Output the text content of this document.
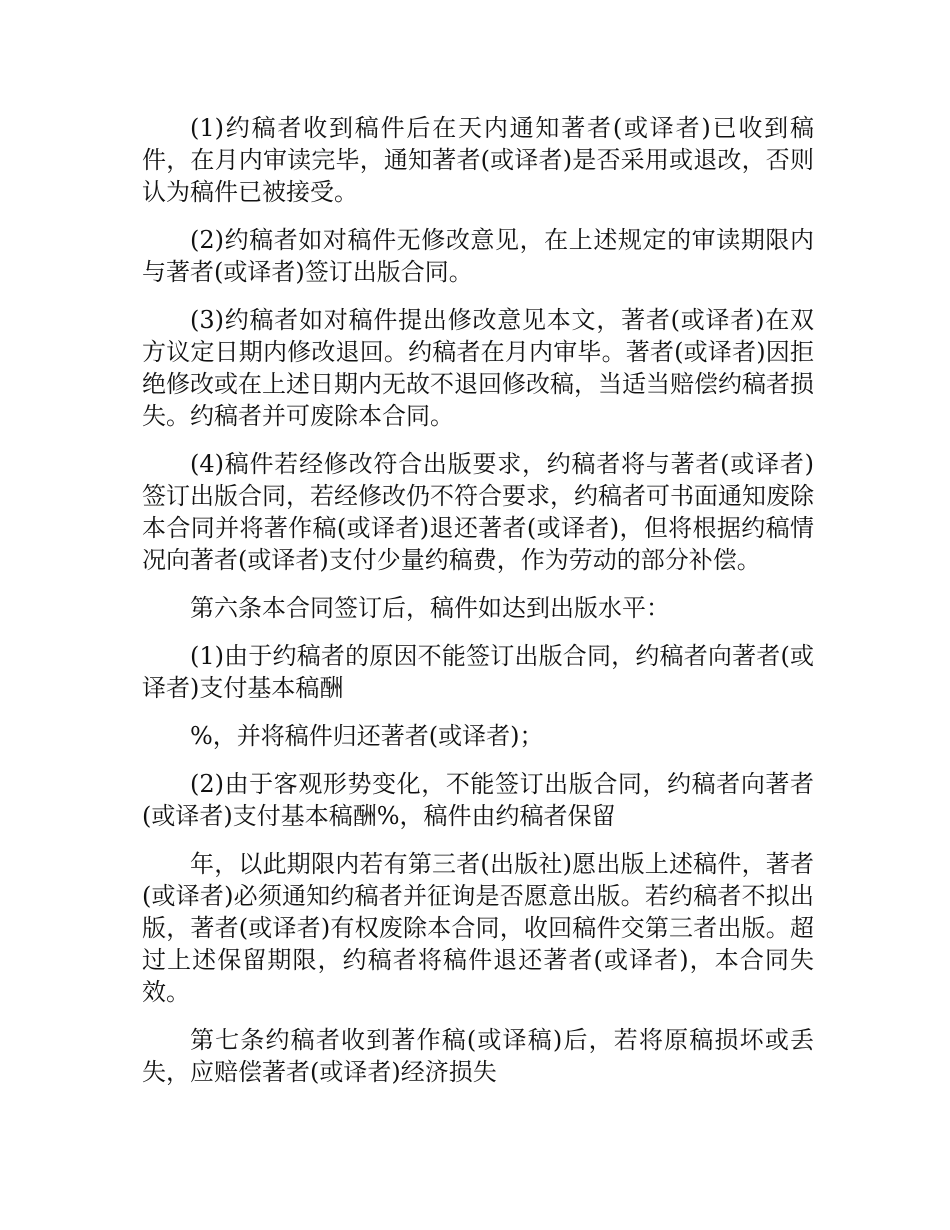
(1)约稿者收到稿件后在天内通知著者(或译者)已收到稿件，在月内审读完毕，通知著者(或译者)是否采用或退改，否则认为稿件已被接受。

(2)约稿者如对稿件无修改意见，在上述规定的审读期限内与著者(或译者)签订出版合同。

(3)约稿者如对稿件提出修改意见本文，著者(或译者)在双方议定日期内修改退回。约稿者在月内审毕。著者(或译者)因拒绝修改或在上述日期内无故不退回修改稿，当适当赔偿约稿者损失。约稿者并可废除本合同。

(4)稿件若经修改符合出版要求，约稿者将与著者(或译者)签订出版合同，若经修改仍不符合要求，约稿者可书面通知废除本合同并将著作稿(或译者)退还著者(或译者)，但将根据约稿情况向著者(或译者)支付少量约稿费，作为劳动的部分补偿。

第六条本合同签订后，稿件如达到出版水平：

(1)由于约稿者的原因不能签订出版合同，约稿者向著者(或译者)支付基本稿酬

%，并将稿件归还著者(或译者)；

(2)由于客观形势变化，不能签订出版合同，约稿者向著者(或译者)支付基本稿酬%，稿件由约稿者保留

年，以此期限内若有第三者(出版社)愿出版上述稿件，著者(或译者)必须通知约稿者并征询是否愿意出版。若约稿者不拟出版，著者(或译者)有权废除本合同，收回稿件交第三者出版。超过上述保留期限，约稿者将稿件退还著者(或译者)，本合同失效。

第七条约稿者收到著作稿(或译稿)后，若将原稿损坏或丢失，应赔偿著者(或译者)经济损失
